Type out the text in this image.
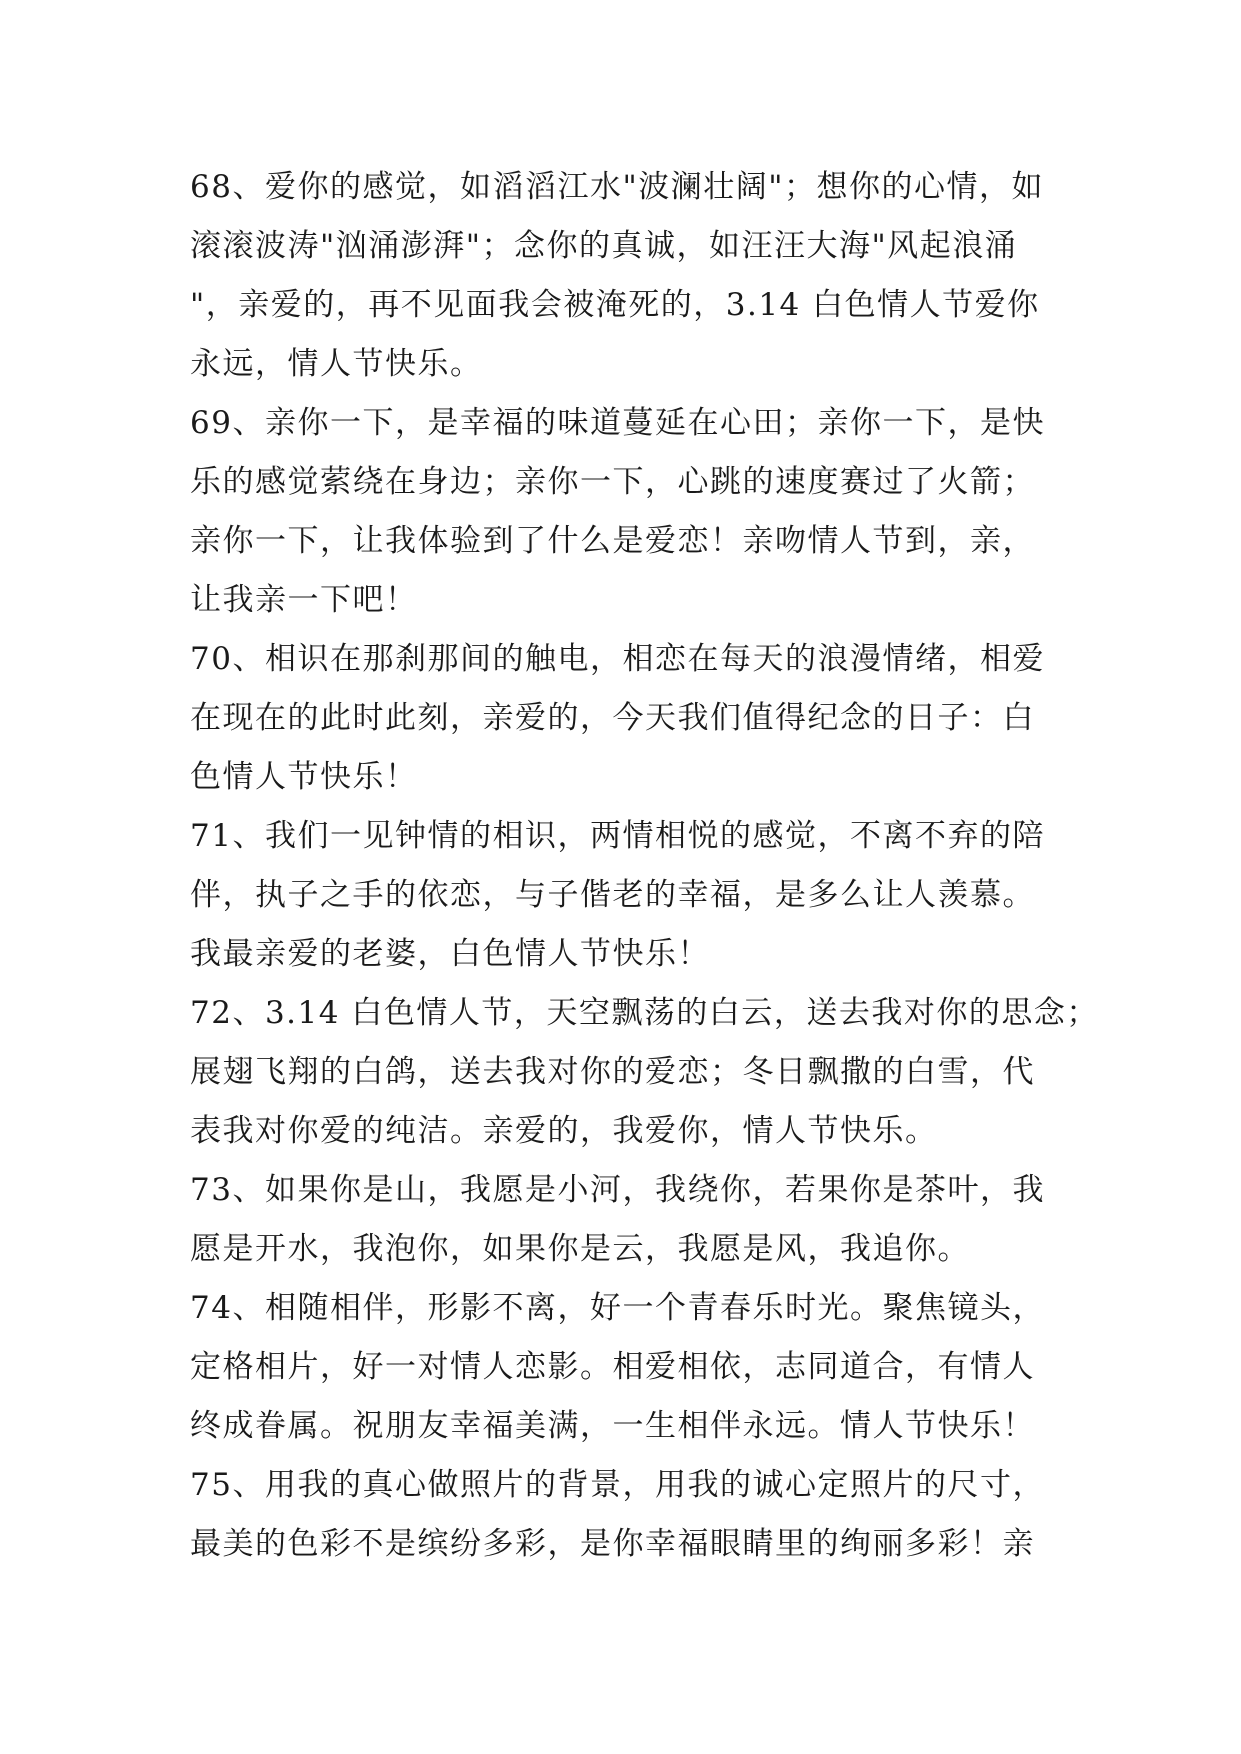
68、爱你的感觉，如滔滔江水"波澜壮阔"；想你的心情，如
滚滚波涛"汹涌澎湃"；念你的真诚，如汪汪大海"风起浪涌
"，亲爱的，再不见面我会被淹死的，3.14 白色情人节爱你
永远，情人节快乐。
69、亲你一下，是幸福的味道蔓延在心田；亲你一下，是快
乐的感觉萦绕在身边；亲你一下，心跳的速度赛过了火箭；
亲你一下，让我体验到了什么是爱恋！亲吻情人节到，亲，
让我亲一下吧！
70、相识在那刹那间的触电，相恋在每天的浪漫情绪，相爱
在现在的此时此刻，亲爱的，今天我们值得纪念的日子：白
色情人节快乐！
71、我们一见钟情的相识，两情相悦的感觉，不离不弃的陪
伴，执子之手的依恋，与子偕老的幸福，是多么让人羡慕。
我最亲爱的老婆，白色情人节快乐！
72、3.14 白色情人节，天空飘荡的白云，送去我对你的思念；
展翅飞翔的白鸽，送去我对你的爱恋；冬日飘撒的白雪，代
表我对你爱的纯洁。亲爱的，我爱你，情人节快乐。
73、如果你是山，我愿是小河，我绕你，若果你是茶叶，我
愿是开水，我泡你，如果你是云，我愿是风，我追你。
74、相随相伴，形影不离，好一个青春乐时光。聚焦镜头，
定格相片，好一对情人恋影。相爱相依，志同道合，有情人
终成眷属。祝朋友幸福美满，一生相伴永远。情人节快乐！
75、用我的真心做照片的背景，用我的诚心定照片的尺寸，
最美的色彩不是缤纷多彩，是你幸福眼睛里的绚丽多彩！亲
